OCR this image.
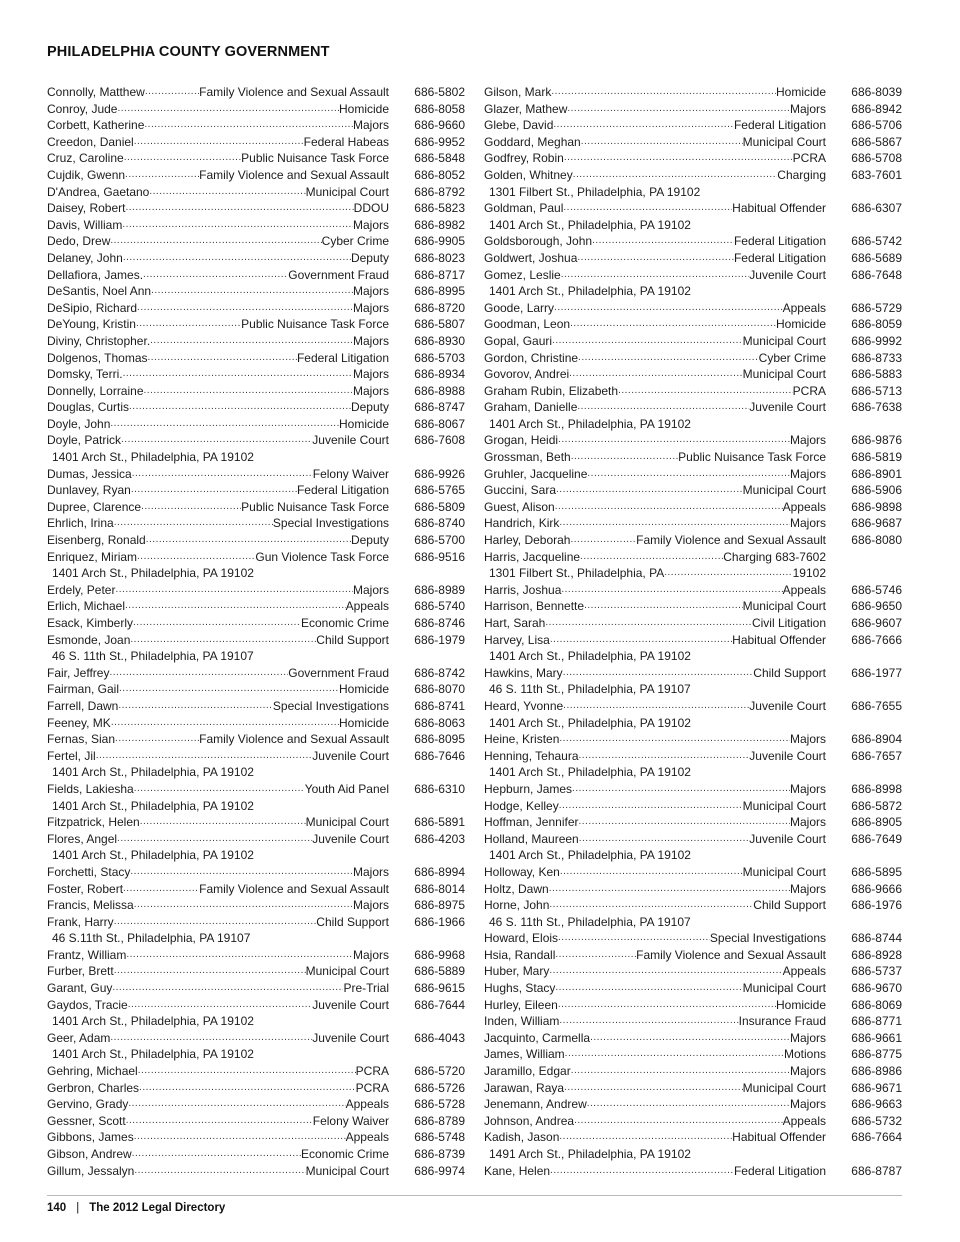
PHILADELPHIA COUNTY GOVERNMENT
Connolly, Matthew .....	Family Violence and Sexual Assault 686-5802
Conroy, Jude .....	Homicide 686-8058
Corbett, Katherine .....	Majors 686-9660
Creedon, Daniel .....	Federal Habeas 686-9952
Cruz, Caroline .....	Public Nuisance Task Force 686-5848
Cujdik, Gwenn .....	Family Violence and Sexual Assault 686-8052
D'Andrea, Gaetano .....	Municipal Court 686-8792
Daisey, Robert .....	DDOU 686-5823
Davis, William .....	Majors 686-8982
Dedo, Drew .....	Cyber Crime 686-9905
Delaney, John .....	Deputy 686-8023
Dellafiora, James. .....	Government Fraud 686-8717
DeSantis, Noel Ann .....	Majors 686-8995
DeSipio, Richard .....	Majors 686-8720
DeYoung, Kristin .....	Public Nuisance Task Force 686-5807
Diviny, Christopher. .....	Majors 686-8930
Dolgenos, Thomas .....	Federal Litigation 686-5703
Domsky, Terri. .....	Majors 686-8934
Donnelly, Lorraine .....	Majors 686-8988
Douglas, Curtis .....	Deputy 686-8747
Doyle, John .....	Homicide 686-8067
Doyle, Patrick .....	Juvenile Court 686-7608
1401 Arch St., Philadelphia, PA 19102
Dumas, Jessica .....	Felony Waiver 686-9926
Dunlavey, Ryan .....	Federal Litigation 686-5765
Dupree, Clarence .....	Public Nuisance Task Force 686-5809
Ehrlich, Irina .....	Special Investigations 686-8740
Eisenberg, Ronald .....	Deputy 686-5700
Enriquez, Miriam .....	Gun Violence Task Force 686-9516
1401 Arch St., Philadelphia, PA 19102
Erdely, Peter .....	Majors 686-8989
Erlich, Michael .....	Appeals 686-5740
Esack, Kimberly .....	Economic Crime 686-8746
Esmonde, Joan .....	Child Support 686-1979
46 S. 11th St., Philadelphia, PA 19107
Fair, Jeffrey .....	Government Fraud 686-8742
Fairman, Gail .....	Homicide 686-8070
Farrell, Dawn .....	Special Investigations 686-8741
Feeney, MK .....	Homicide 686-8063
Fernas, Sian .....	Family Violence and Sexual Assault 686-8095
Fertel, Jil .....	Juvenile Court 686-7646
1401 Arch St., Philadelphia, PA 19102
Fields, Lakiesha .....	Youth Aid Panel 686-6310
1401 Arch St., Philadelphia, PA 19102
Fitzpatrick, Helen .....	Municipal Court 686-5891
Flores, Angel .....	Juvenile Court 686-4203
1401 Arch St., Philadelphia, PA 19102
Forchetti, Stacy .....	Majors 686-8994
Foster, Robert .....	Family Violence and Sexual Assault 686-8014
Francis, Melissa .....	Majors 686-8975
Frank, Harry .....	Child Support 686-1966
46 S.11th St., Philadelphia, PA 19107
Frantz, William .....	Majors 686-9968
Furber, Brett .....	Municipal Court 686-5889
Garant, Guy .....	Pre-Trial 686-9615
Gaydos, Tracie .....	Juvenile Court 686-7644
1401 Arch St., Philadelphia, PA 19102
Geer, Adam .....	Juvenile Court 686-4043
1401 Arch St., Philadelphia, PA 19102
Gehring, Michael .....	PCRA 686-5720
Gerbron, Charles .....	PCRA 686-5726
Gervino, Grady .....	Appeals 686-5728
Gessner, Scott .....	Felony Waiver 686-8789
Gibbons, James .....	Appeals 686-5748
Gibson, Andrew .....	Economic Crime 686-8739
Gillum, Jessalyn .....	Municipal Court 686-9974
Gilson, Mark .....	Homicide 686-8039
Glazer, Mathew .....	Majors 686-8942
Glebe, David .....	Federal Litigation 686-5706
Goddard, Meghan .....	Municipal Court 686-5867
Godfrey, Robin .....	PCRA 686-5708
Golden, Whitney .....	Charging 683-7601
1301 Filbert St., Philadelphia, PA 19102
Goldman, Paul .....	Habitual Offender 686-6307
1401 Arch St., Philadelphia, PA 19102
Goldsborough, John .....	Federal Litigation 686-5742
Goldwert, Joshua .....	Federal Litigation 686-5689
Gomez, Leslie .....	Juvenile Court 686-7648
1401 Arch St., Philadelphia, PA 19102
Goode, Larry .....	Appeals 686-5729
Goodman, Leon .....	Homicide 686-8059
Gopal, Gauri .....	Municipal Court 686-9992
Gordon, Christine .....	Cyber Crime 686-8733
Govorov, Andrei .....	Municipal Court 686-5883
Graham Rubin, Elizabeth .....	PCRA 686-5713
Graham, Danielle .....	Juvenile Court 686-7638
1401 Arch St., Philadelphia, PA 19102
Grogan, Heidi .....	Majors 686-9876
Grossman, Beth .....	Public Nuisance Task Force 686-5819
Gruhler, Jacqueline .....	Majors 686-8901
Guccini, Sara .....	Municipal Court 686-5906
Guest, Alison .....	Appeals 686-9898
Handrich, Kirk .....	Majors 686-9687
Harley, Deborah .....	Family Violence and Sexual Assault 686-8080
Harris, Jacqueline .....	Charging 683-7602
1301 Filbert St., Philadelphia, PA .....	19102
Harris, Joshua .....	Appeals 686-5746
Harrison, Bennette .....	Municipal Court 686-9650
Hart, Sarah .....	Civil Litigation 686-9607
Harvey, Lisa .....	Habitual Offender 686-7666
1401 Arch St., Philadelphia, PA 19102
Hawkins, Mary .....	Child Support 686-1977
46 S. 11th St., Philadelphia, PA 19107
Heard, Yvonne .....	Juvenile Court 686-7655
1401 Arch St., Philadelphia, PA 19102
Heine, Kristen .....	Majors 686-8904
Henning, Tehaura .....	Juvenile Court 686-7657
1401 Arch St., Philadelphia, PA 19102
Hepburn, James .....	Majors 686-8998
Hodge, Kelley .....	Municipal Court 686-5872
Hoffman, Jennifer .....	Majors 686-8905
Holland, Maureen .....	Juvenile Court 686-7649
1401 Arch St., Philadelphia, PA 19102
Holloway, Ken .....	Municipal Court 686-5895
Holtz, Dawn .....	Majors 686-9666
Horne, John .....	Child Support 686-1976
46 S. 11th St., Philadelphia, PA 19107
Howard, Elois .....	Special Investigations 686-8744
Hsia, Randall .....	Family Violence and Sexual Assault 686-8928
Huber, Mary .....	Appeals 686-5737
Hughs, Stacy .....	Municipal Court 686-9670
Hurley, Eileen .....	Homicide 686-8069
Inden, William .....	Insurance Fraud 686-8771
Jacquinto, Carmella .....	Majors 686-9661
James, William .....	Motions 686-8775
Jaramillo, Edgar .....	Majors 686-8986
Jarawan, Raya .....	Municipal Court 686-9671
Jenemann, Andrew .....	Majors 686-9663
Johnson, Andrea .....	Appeals 686-5732
Kadish, Jason .....	Habitual Offender 686-7664
1491 Arch St., Philadelphia, PA 19102
Kane, Helen .....	Federal Litigation 686-8787
140 | The 2012 Legal Directory
